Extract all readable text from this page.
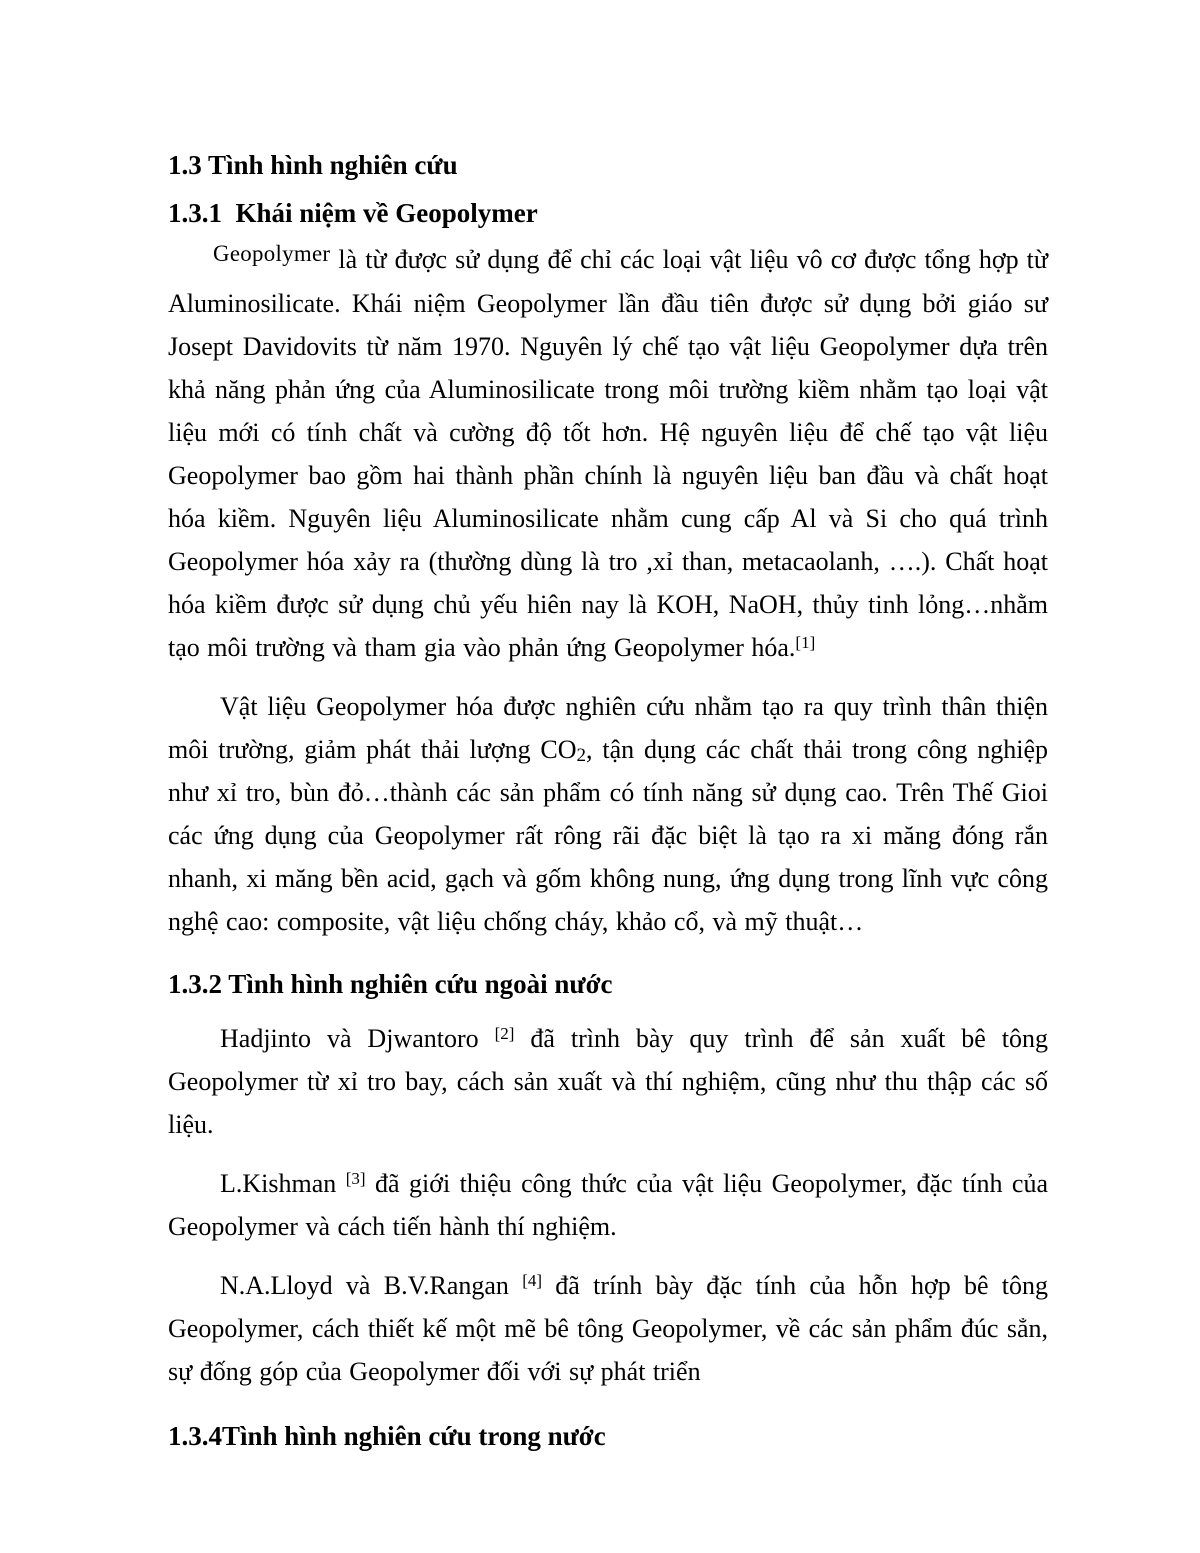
1.3 Tình hình nghiên cứu
1.3.1  Khái niệm về Geopolymer

Geopolymer là từ được sử dụng để chỉ các loại vật liệu vô cơ được tổng hợp từ Aluminosilicate. Khái niệm Geopolymer lần đầu tiên được sử dụng bởi giáo sư Josept Davidovits từ năm 1970. Nguyên lý chế tạo vật liệu Geopolymer dựa trên khả năng phản ứng của Aluminosilicate trong môi trường kiềm nhằm tạo loại vật liệu mới có tính chất và cường độ tốt hơn. Hệ nguyên liệu để chế tạo vật liệu Geopolymer bao gồm hai thành phần chính là nguyên liệu ban đầu và chất hoạt hóa kiềm. Nguyên liệu Aluminosilicate nhằm cung cấp Al và Si cho quá trình Geopolymer hóa xảy ra (thường dùng là tro ,xỉ than, metacaolanh, ….). Chất hoạt hóa kiềm được sử dụng chủ yếu hiên nay là KOH, NaOH, thủy tinh lỏng…nhằm tạo môi trường và tham gia vào phản ứng Geopolymer hóa.[1]

Vật liệu Geopolymer hóa được nghiên cứu nhằm tạo ra quy trình thân thiện môi trường, giảm phát thải lượng $CO_2$, tận dụng các chất thải trong công nghiệp như xỉ tro, bùn đỏ…thành các sản phẩm có tính năng sử dụng cao. Trên Thế Gioi các ứng dụng của Geopolymer rất rông rãi đặc biệt là tạo ra xi măng đóng rắn nhanh, xi măng bền acid, gạch và gốm không nung, ứng dụng trong lĩnh vực công nghệ cao: composite, vật liệu chống cháy, khảo cổ, và mỹ thuật…

1.3.2 Tình hình nghiên cứu ngoài nước

Hadjinto và Djwantoro [2] đã trình bày quy trình để sản xuất bê tông Geopolymer từ xỉ tro bay, cách sản xuất và thí nghiệm, cũng như thu thập các số liệu.

L.Kishman [3] đã giới thiệu công thức của vật liệu Geopolymer, đặc tính của Geopolymer và cách tiến hành thí nghiệm.

N.A.Lloyd và B.V.Rangan [4] đã trính bày đặc tính của hỗn hợp bê tông Geopolymer, cách thiết kế một mẽ bê tông Geopolymer, về các sản phẩm đúc sẳn, sự đống góp của Geopolymer đối với sự phát triển

1.3.4Tình hình nghiên cứu trong nước
